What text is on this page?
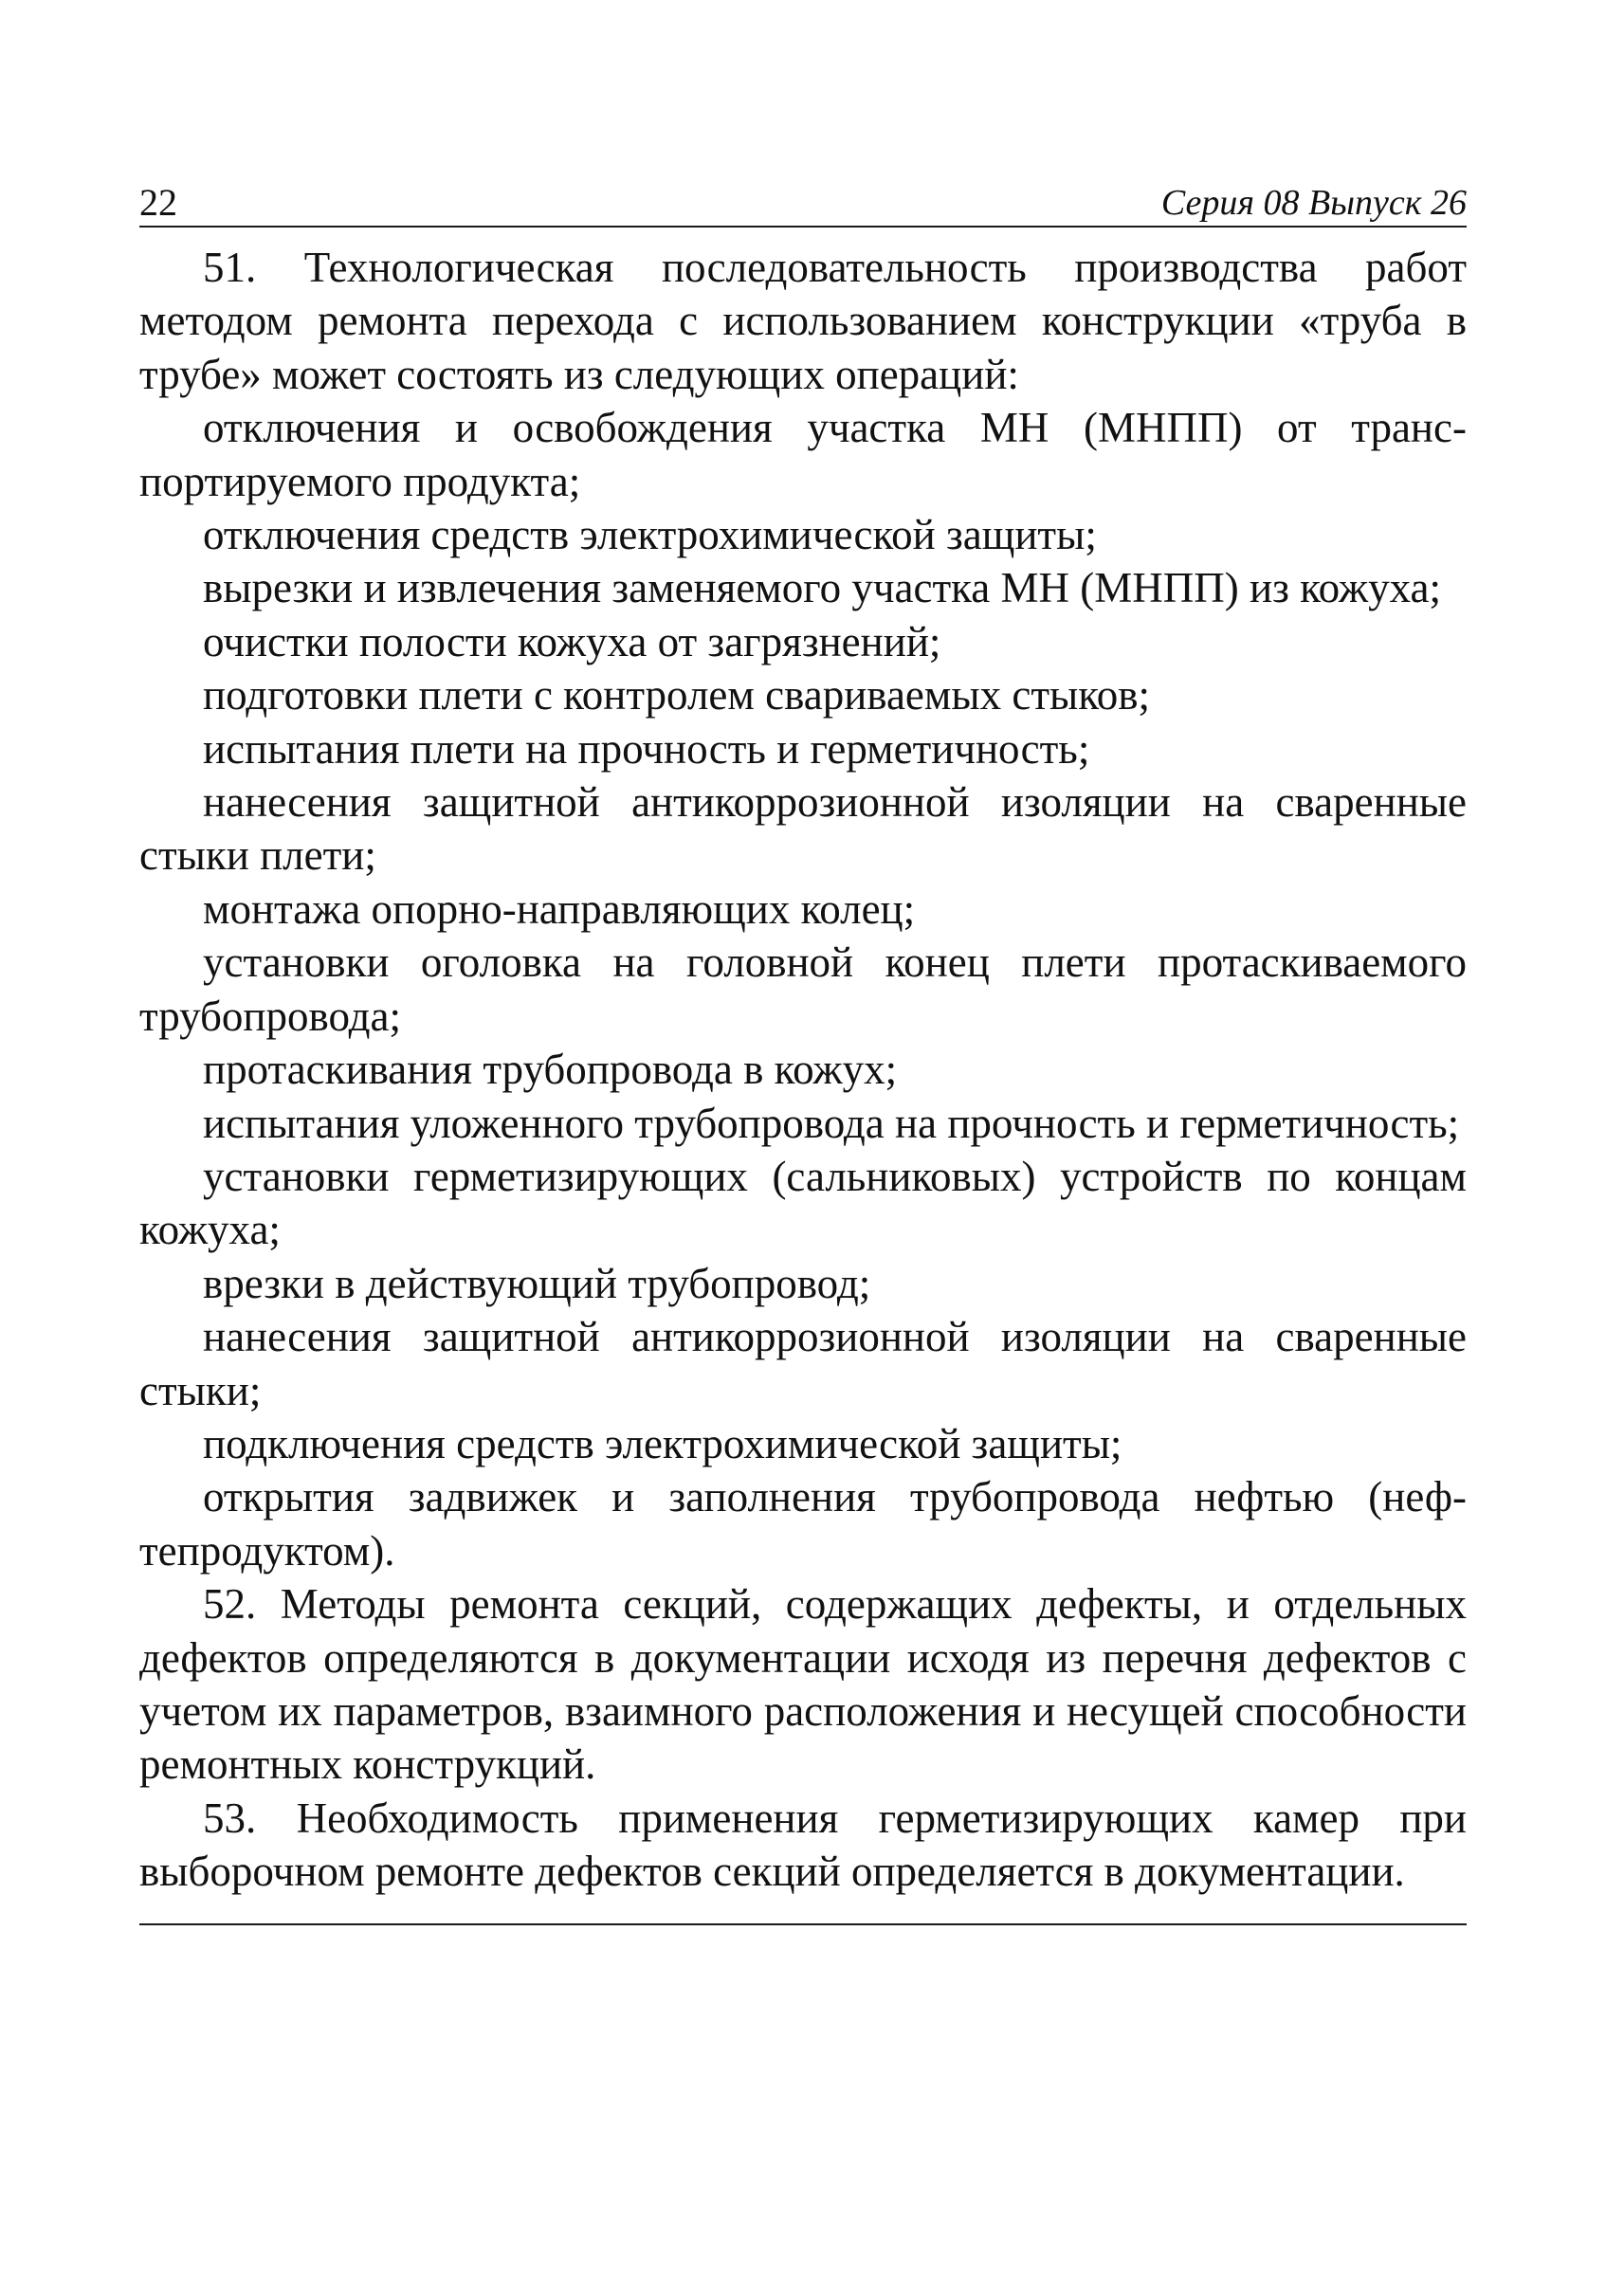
22	Серия 08 Выпуск 26

51. Технологическая последовательность производства работ методом ремонта перехода с использованием конструкции «труба в трубе» может состоять из следующих операций:

отключения и освобождения участка МН (МНПП) от транспортируемого продукта;

отключения средств электрохимической защиты;

вырезки и извлечения заменяемого участка МН (МНПП) из кожуха;

очистки полости кожуха от загрязнений;

подготовки плети с контролем свариваемых стыков;

испытания плети на прочность и герметичность;

нанесения защитной антикоррозионной изоляции на сваренные стыки плети;

монтажа опорно-направляющих колец;

установки оголовка на головной конец плети протаскиваемого трубопровода;

протаскивания трубопровода в кожух;

испытания уложенного трубопровода на прочность и герметичность;

установки герметизирующих (сальниковых) устройств по концам кожуха;

врезки в действующий трубопровод;

нанесения защитной антикоррозионной изоляции на сваренные стыки;

подключения средств электрохимической защиты;

открытия задвижек и заполнения трубопровода нефтью (нефтепродуктом).

52. Методы ремонта секций, содержащих дефекты, и отдельных дефектов определяются в документации исходя из перечня дефектов с учетом их параметров, взаимного расположения и несущей способности ремонтных конструкций.

53. Необходимость применения герметизирующих камер при выборочном ремонте дефектов секций определяется в документации.
